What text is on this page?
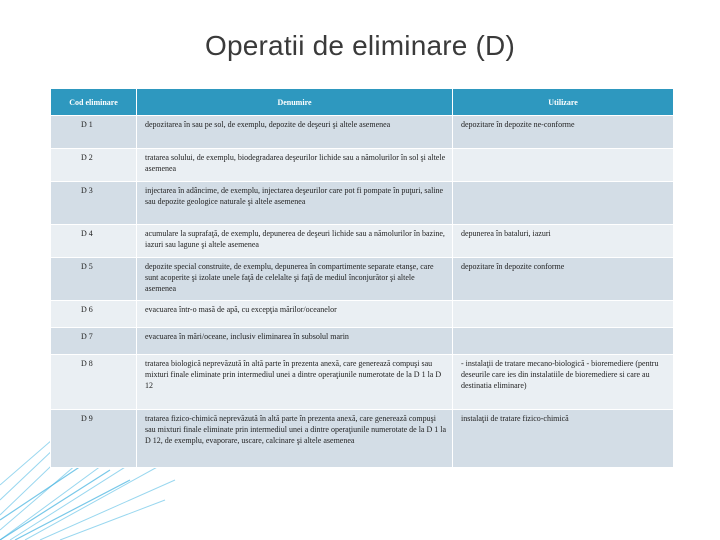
Operatii de eliminare (D)
Cod eliminare	Denumire	Utilizare
D 1	depozitarea în sau pe sol, de exemplu, depozite de deşeuri şi altele asemenea	depozitare în depozite ne-conforme
D 2	tratarea solului, de exemplu, biodegradarea deşeurilor lichide sau a nămolurilor în sol şi altele asemenea	
D 3	injectarea în adâncime, de exemplu, injectarea deşeurilor care pot fi pompate în puţuri, saline sau depozite geologice naturale şi altele asemenea	
D 4	acumulare la suprafaţă, de exemplu, depunerea de deşeuri lichide sau a nămolurilor în bazine, iazuri sau lagune şi altele asemenea	depunerea în bataluri, iazuri
D 5	depozite special construite, de exemplu, depunerea în compartimente separate etanşe, care sunt acoperite şi izolate unele faţă de celelalte şi faţă de mediul înconjurător şi altele asemenea	depozitare în depozite conforme
D 6	evacuarea într-o masă de apă, cu excepţia mărilor/oceanelor	
D 7	evacuarea în mări/oceane, inclusiv eliminarea în subsolul marin	
D 8	tratarea biologică neprevăzută în altă parte în prezenta anexă, care generează compuşi sau mixturi finale eliminate prin intermediul unei a dintre operaţiunile numerotate de la D 1 la D 12	- instalaţii de tratare mecano-biologică - bioremediere (pentru deseurile care ies din instalatiile de bioremediere si care au destinatia eliminare)
D 9	tratarea fizico-chimică neprevăzută în altă parte în prezenta anexă, care generează compuşi sau mixturi finale eliminate prin intermediul unei a dintre operaţiunile numerotate de la D 1 la D 12, de exemplu, evaporare, uscare, calcinare şi altele asemenea	instalaţii de tratare fizico-chimică
